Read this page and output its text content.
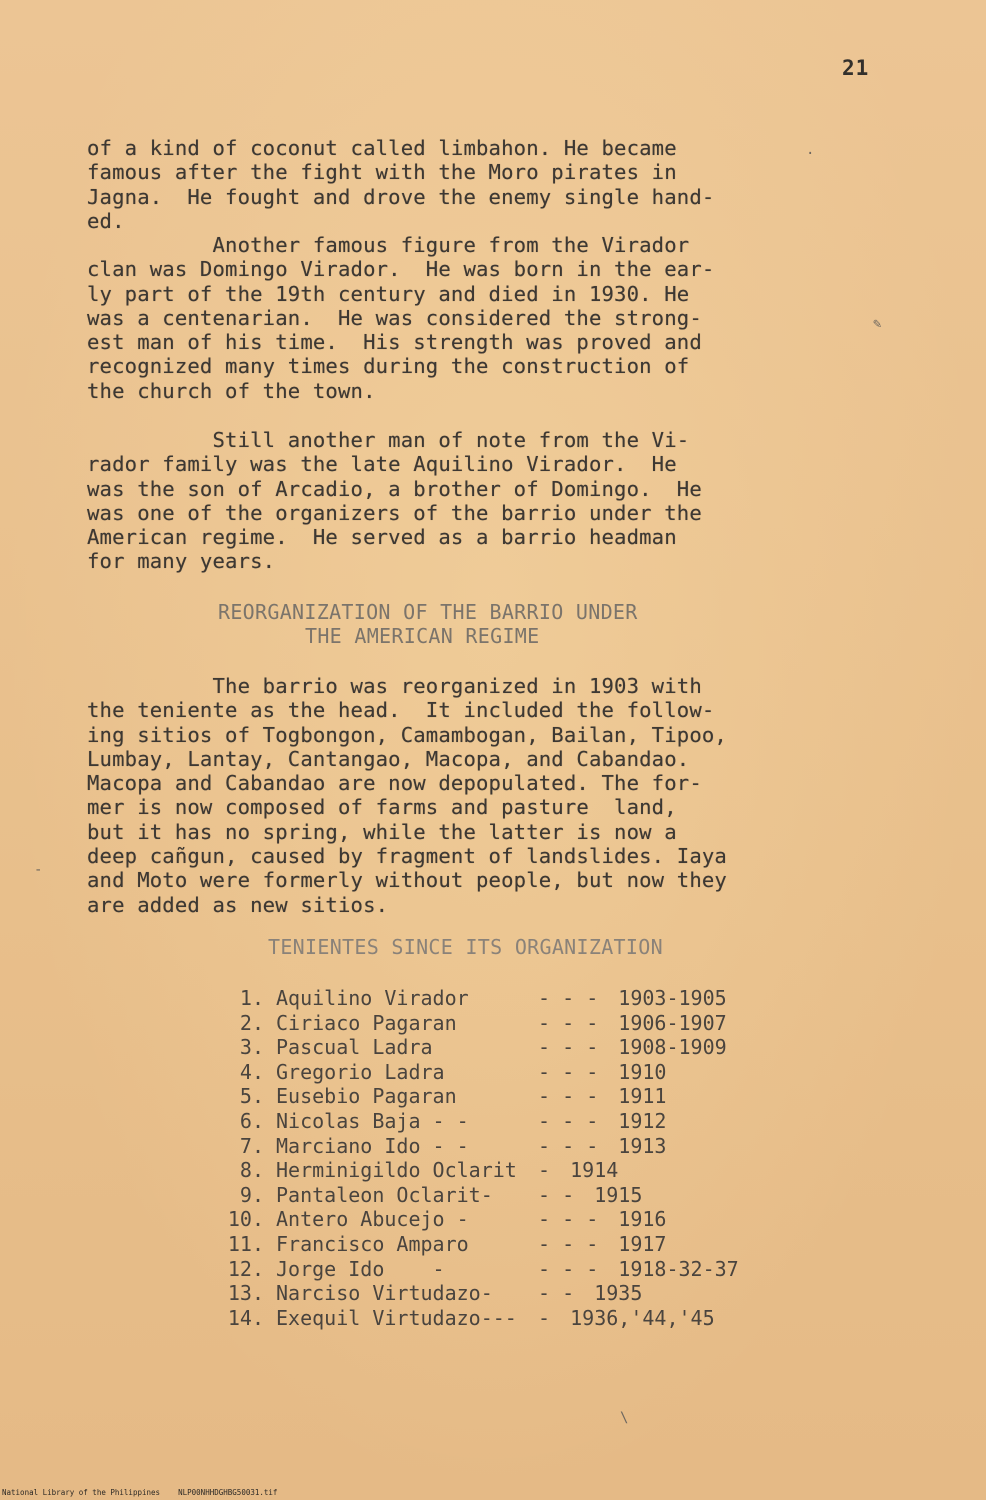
21
of a kind of coconut called limbahon. He became
famous after the fight with the Moro pirates in
Jagna.  He fought and drove the enemy single hand-
ed.
Another famous figure from the Virador
clan was Domingo Virador.  He was born in the ear-
ly part of the 19th century and died in 1930. He
was a centenarian.  He was considered the strong-
est man of his time.  His strength was proved and
recognized many times during the construction of
the church of the town.
Still another man of note from the Vi-
rador family was the late Aquilino Virador.  He
was the son of Arcadio, a brother of Domingo.  He
was one of the organizers of the barrio under the
American regime.  He served as a barrio headman
for many years.
REORGANIZATION OF THE BARRIO UNDER
THE AMERICAN REGIME
The barrio was reorganized in 1903 with
the teniente as the head.  It included the follow-
ing sitios of Togbongon, Camambogan, Bailan, Tipoo,
Lumbay, Lantay, Cantangao, Macopa, and Cabandao.
Macopa and Cabandao are now depopulated. The for-
mer is now composed of farms and pasture  land,
but it has no spring, while the latter is now a
deep cañgun, caused by fragment of landslides. Iaya
and Moto were formerly without people, but now they
are added as new sitios.
TENIENTES SINCE ITS ORGANIZATION
1. Aquilino Virador	- - - 1903-1905
2. Ciriaco Pagaran	- - - 1906-1907
3. Pascual Ladra	- - - 1908-1909
4. Gregorio Ladra	- - - 1910
5. Eusebio Pagaran	- - - 1911
6. Nicolas Baja - -	- - - 1912
7. Marciano Ido - -	- - - 1913
8. Herminigildo Oclarit - 1914
9. Pantaleon Oclarit- - - 1915
10. Antero Abucejo -	- - - 1916
11. Francisco Amparo	- - - 1917
12. Jorge Ido    -	- - - 1918-32-37
13. Narciso Virtudazo- - - 1935
14. Exequil Virtudazo--- - 1936,'44,'45
·
✎
-
\
National Library of the Philippines    NLP00NHHDGHBG50031.tif
